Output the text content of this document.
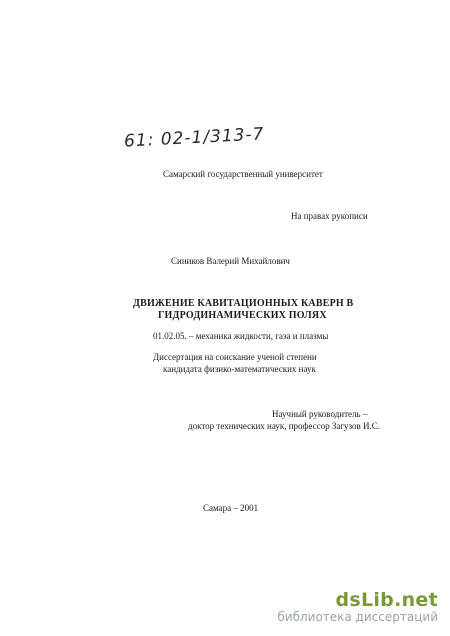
61: 02-1/313-7
Самарский государственный университет
На правах рукописи
Сиников Валерий Михайлович
ДВИЖЕНИЕ КАВИТАЦИОННЫХ КАВЕРН В
ГИДРОДИНАМИЧЕСКИХ ПОЛЯХ
01.02.05. – механика жидкости, газа и плазмы
Диссертация на соискание ученой степени
кандидата физико-математических наук
Научный руководитель –
доктор технических наук, профессор Загузов И.С.
Самара – 2001
dsLib.net
библиотека диссертаций
